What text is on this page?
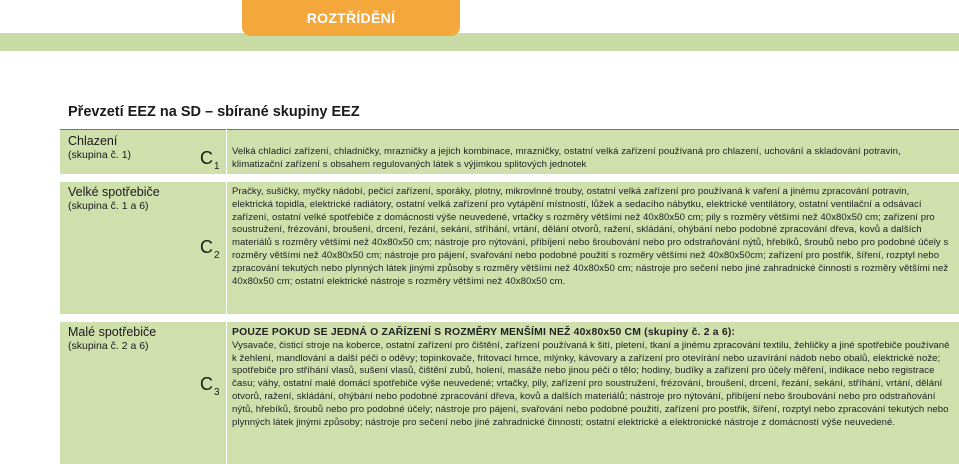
ROZTŘÍDĚNÍ
Převzetí EEZ na SD – sbírané skupiny EEZ
Chlazení
(skupina č. 1)	$C_1$
Velká chladicí zařízení, chladničky, mrazničky a jejich kombinace, mrazničky, ostatní velká zařízení používaná pro chlazení, uchování a skladování potravin, klimatizační zařízení s obsahem regulovaných látek s výjimkou splitových jednotek
Velké spotřebiče
(skupina č. 1 a 6)
$C_2$
Pračky, sušičky, myčky nádobí, pečicí zařízení, sporáky, plotny, mikrovlnné trouby, ostatní velká zařízení pro používaná k vaření a jinému zpracování potravin, elektrická topidla, elektrické radiátory, ostatní velká zařízení pro vytápění místností, lůžek a sedacího nábytku, elektrické ventilátory, ostatní ventilační a odsávací zařízení, ostatní velké spotřebiče z domácnosti výše neuvedené, vrtačky s rozměry většími než 40x80x50 cm; pily s rozměry většími než 40x80x50 cm; zařízení pro soustružení, frézování, broušení, drcení, řezání, sekání, stříhání, vrtání, dělání otvorů, ražení, skládání, ohýbání nebo podobné zpracování dřeva, kovů a dalších materiálů s rozměry většími než 40x80x50 cm; nástroje pro nýtování, přibíjení nebo šroubování nebo pro odstraňování nýtů, hřebíků, šroubů nebo pro podobné účely s rozměry většími než 40x80x50 cm; nástroje pro pájení, svařování nebo podobné použití s rozměry většími než 40x80x50cm; zařízení pro postřik, šíření, rozptyl nebo zpracování tekutých nebo plynných látek jinými způsoby s rozměry většími než 40x80x50 cm; nástroje pro sečení nebo jiné zahradnické činnosti s rozměry většími než 40x80x50 cm; ostatní elektrické nástroje s rozměry většími než 40x80x50 cm.
Malé spotřebiče
(skupina č. 2 a 6)
$C_3$
POUZE POKUD SE JEDNÁ O ZAŘÍZENÍ S ROZMĚRY MENŠÍMI NEŽ 40x80x50 CM (skupiny č. 2 a 6):
Vysavače, čisticí stroje na koberce, ostatní zařízení pro čištění, zařízení používaná k šití, pletení, tkaní a jinému zpracování textilu, žehličky a jiné spotřebiče používané k žehlení, mandlování a další péči o oděvy; topinkovače, fritovací hrnce, mlýnky, kávovary a zařízení pro otevírání nebo uzavírání nádob nebo obalů, elektrické nože; spotřebiče pro stříhání vlasů, sušení vlasů, čištění zubů, holení, masáže nebo jinou péči o tělo; hodiny, budíky a zařízení pro účely měření, indikace nebo registrace času; váhy, ostatní malé domácí spotřebiče výše neuvedené; vrtačky, pily, zařízení pro soustružení, frézování, broušení, drcení, řezání, sekání, stříhání, vrtání, dělání otvorů, ražení, skládání, ohýbání nebo podobné zpracování dřeva, kovů a dalších materiálů; nástroje pro nýtování, přibíjení nebo šroubování nebo pro odstraňování nýtů, hřebíků, šroubů nebo pro podobné účely; nástroje pro pájení, svařování nebo podobné použití, zařízení pro postřik, šíření, rozptyl nebo zpracování tekutých nebo plynných látek jinými způsoby; nástroje pro sečení nebo jiné zahradnické činnosti; ostatní elektrické a elektronické nástroje z domácností výše neuvedené.
